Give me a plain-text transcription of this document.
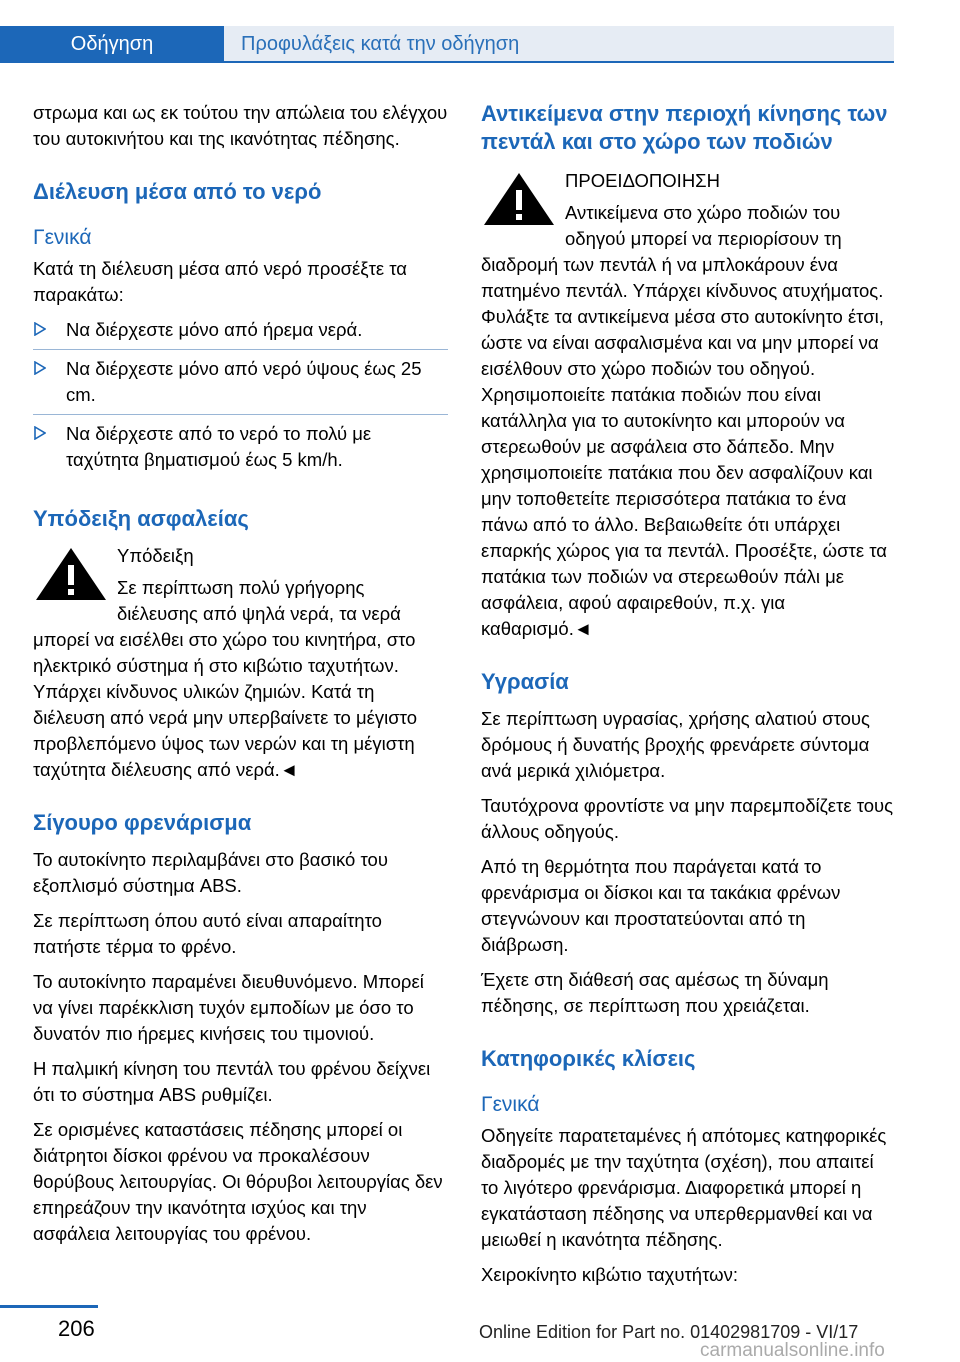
Οδήγηση	Προφυλάξεις κατά την οδήγηση

στρωμα και ως εκ τούτου την απώλεια του ελέγχου του αυτοκινήτου και της ικανότητας πέδησης.

Διέλευση μέσα από το νερό
Γενικά

Κατά τη διέλευση μέσα από νερό προσέξτε τα παρακάτω:

Να διέρχεστε μόνο από ήρεμα νερά.
Να διέρχεστε μόνο από νερό ύψους έως 25 cm.
Να διέρχεστε από το νερό το πολύ με ταχύτητα βηματισμού έως 5 km/h.
Υπόδειξη ασφαλείας

Υπόδειξη

Σε περίπτωση πολύ γρήγορης διέλευσης από ψηλά νερά, τα νερά μπορεί να εισέλθει στο χώρο του κινητήρα, στο ηλεκτρικό σύστημα ή στο κιβώτιο ταχυτήτων. Υπάρχει κίνδυνος υλικών ζημιών. Κατά τη διέλευση από νερά μην υπερβαίνετε το μέγιστο προβλεπόμενο ύψος των νερών και τη μέγιστη ταχύτητα διέλευσης από νερά.◄

Σίγουρο φρενάρισμα

Το αυτοκίνητο περιλαμβάνει στο βασικό του εξοπλισμό σύστημα ABS.

Σε περίπτωση όπου αυτό είναι απαραίτητο πατήστε τέρμα το φρένο.

Το αυτοκίνητο παραμένει διευθυνόμενο. Μπορεί να γίνει παρέκκλιση τυχόν εμποδίων με όσο το δυνατόν πιο ήρεμες κινήσεις του τιμονιού.

Η παλμική κίνηση του πεντάλ του φρένου δείχνει ότι το σύστημα ABS ρυθμίζει.

Σε ορισμένες καταστάσεις πέδησης μπορεί οι διάτρητοι δίσκοι φρένου να προκαλέσουν θορύβους λειτουργίας. Οι θόρυβοι λειτουργίας δεν επηρεάζουν την ικανότητα ισχύος και την ασφάλεια λειτουργίας του φρένου.

Αντικείμενα στην περιοχή κίνησης των πεντάλ και στο χώρο των ποδιών

ΠΡΟΕΙΔΟΠΟΙΗΣΗ

Αντικείμενα στο χώρο ποδιών του οδηγού μπορεί να περιορίσουν τη διαδρομή των πεντάλ ή να μπλοκάρουν ένα πατημένο πεντάλ. Υπάρχει κίνδυνος ατυχήματος. Φυλάξτε τα αντικείμενα μέσα στο αυτοκίνητο έτσι, ώστε να είναι ασφαλισμένα και να μην μπορεί να εισέλθουν στο χώρο ποδιών του οδηγού. Χρησιμοποιείτε πατάκια ποδιών που είναι κατάλληλα για το αυτοκίνητο και μπορούν να στερεωθούν με ασφάλεια στο δάπεδο. Μην χρησιμοποιείτε πατάκια που δεν ασφαλίζουν και μην τοποθετείτε περισσότερα πατάκια το ένα πάνω από το άλλο. Βεβαιωθείτε ότι υπάρχει επαρκής χώρος για τα πεντάλ. Προσέξτε, ώστε τα πατάκια των ποδιών να στερεωθούν πάλι με ασφάλεια, αφού αφαιρεθούν, π.χ. για καθαρισμό.◄

Υγρασία

Σε περίπτωση υγρασίας, χρήσης αλατιού στους δρόμους ή δυνατής βροχής φρενάρετε σύντομα ανά μερικά χιλιόμετρα.

Ταυτόχρονα φροντίστε να μην παρεμποδίζετε τους άλλους οδηγούς.

Από τη θερμότητα που παράγεται κατά το φρενάρισμα οι δίσκοι και τα τακάκια φρένων στεγνώνουν και προστατεύονται από τη διάβρωση.

Έχετε στη διάθεσή σας αμέσως τη δύναμη πέδησης, σε περίπτωση που χρειάζεται.

Κατηφορικές κλίσεις
Γενικά

Οδηγείτε παρατεταμένες ή απότομες κατηφορικές διαδρομές με την ταχύτητα (σχέση), που απαιτεί το λιγότερο φρενάρισμα. Διαφορετικά μπορεί η εγκατάσταση πέδησης να υπερθερμανθεί και να μειωθεί η ικανότητα πέδησης.

Χειροκίνητο κιβώτιο ταχυτήτων:

206	Online Edition for Part no. 01402981709 - VI/17
carmanualsonline.info
